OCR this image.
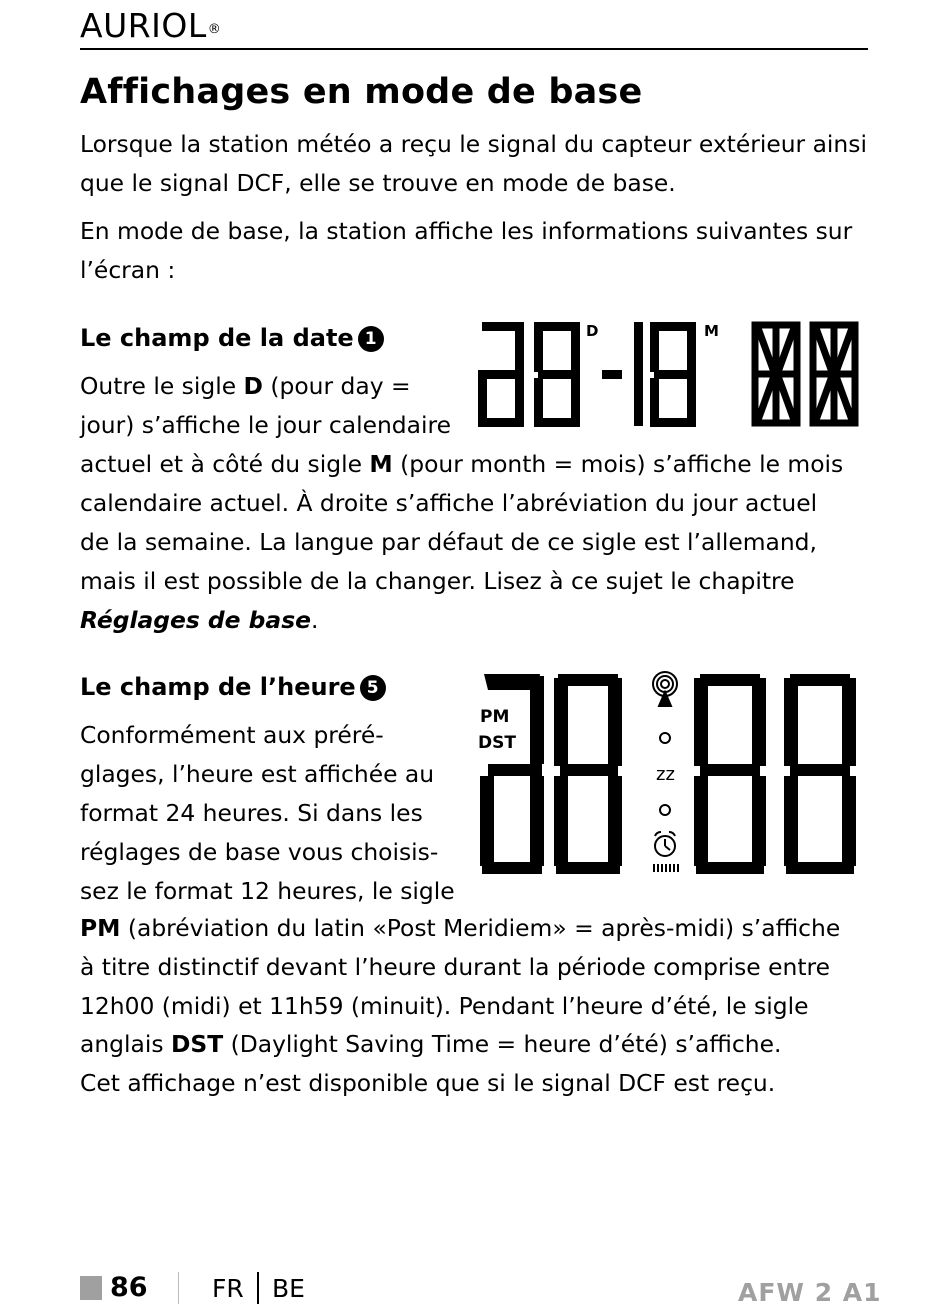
AURIOL®
Affichages en mode de base

Lorsque la station météo a reçu le signal du capteur extérieur ainsi que le signal DCF, elle se trouve en mode de base.

En mode de base, la station affiche les informations suivantes sur l’écran :

Le champ de la date 1
Outre le sigle D (pour day =
jour) s’affiche le jour calendaire
actuel et à côté du sigle M (pour month = mois) s’affiche le mois
calendaire actuel. À droite s’affiche l’abréviation du jour actuel
de la semaine. La langue par défaut de ce sigle est l’allemand,
mais il est possible de la changer. Lisez à ce sujet le chapitre
Réglages de base.
D	M
Le champ de l’heure 5
Conformément aux préré-
glages, l’heure est affichée au
format 24 heures. Si dans les
réglages de base vous choisis-
sez le format 12 heures, le sigle
PM (abréviation du latin «Post Meridiem» = après-midi) s’affiche
à titre distinctif devant l’heure durant la période comprise entre
12h00 (midi) et 11h59 (minuit). Pendant l’heure d’été, le sigle
anglais DST (Daylight Saving Time = heure d’été) s’affiche.
Cet affichage n’est disponible que si le signal DCF est reçu.
PM
DST
zz
86	FR BE	AFW 2 A1
